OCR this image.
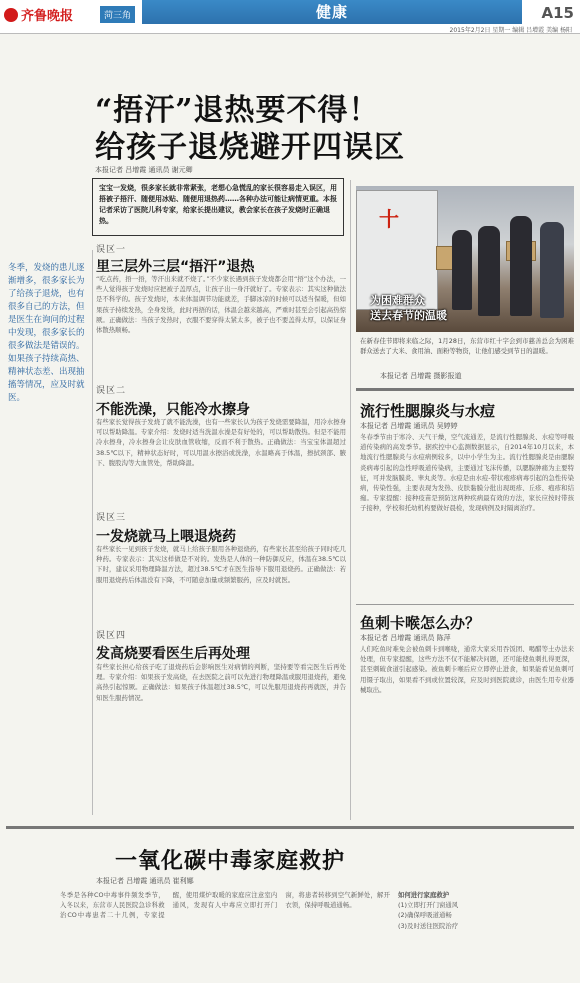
齐鲁晚报	菏三角	健康	A15
2015年2月2日 星期一 编辑 吕增霞 美编 杨阳
“捂汗”退热要不得！
给孩子退烧避开四误区
本报记者 吕增霞 通讯员 谢元卿
宝宝一发烧，很多家长就非常紧张，老想心急慌乱的家长很容易走入误区，用捂被子捂汗、随便用冰贴、随便用退热药……各种办法可能让病情更重。本报记者采访了医院儿科专家，给家长提出建议，教会家长在孩子发烧时正确退热。
冬季，发烧的患儿逐渐增多，很多家长为了给孩子退烧，也有很多自己的方法，但是医生在询问的过程中发现，很多家长的很多做法是错误的。如果孩子持续高热、精神状态差、出现抽搐等情况，应及时就医。
误区一
里三层外三层“捂汗”退热
“吃点药，捂一捂，等汗出来就不烧了。”不少家长遇到孩子发烧都会用“捂”这个办法，一些人觉得孩子发烧时应把被子盖厚点，让孩子出一身汗就好了。专家表示：其实这种做法是不科学的。孩子发烧时，本来体温调节功能就差，手脚冰凉的时候可以适当保暖，但如果孩子持续发热，全身发烫，此时再捂的话，体温会越来越高，严重时甚至会引起高热惊厥。正确做法：当孩子发热时，衣服不要穿得太紧太多，被子也不要盖得太厚，以保证身体散热顺畅。
误区二
不能洗澡，只能冷水擦身
有些家长觉得孩子发烧了就不能洗澡，也有一些家长认为孩子发烧需要降温，用冷水擦身可以帮助降温。专家介绍：发烧时适当洗温水澡是有好处的，可以帮助散热。但是不能用冷水擦身，冷水擦身会让皮肤血管收缩，反而不利于散热。正确做法：当宝宝体温超过38.5℃以下，精神状态好时，可以用温水擦浴或洗澡，水温略高于体温，擦拭颈部、腋下、腹股沟等大血管处，帮助降温。
误区三
一发烧就马上喂退烧药
有些家长一见到孩子发烧，就马上给孩子服用各种退烧药，有些家长甚至给孩子同时吃几种药。专家表示：其实这样做是不对的。发热是人体的一种防御反应，体温在38.5℃以下时，建议采用物理降温方法，超过38.5℃才在医生指导下服用退烧药。正确做法：若服用退烧药后体温没有下降，不可随意加量或频繁服药，应及时就医。
误区四
发高烧要看医生后再处理
有些家长担心给孩子吃了退烧药后会影响医生对病情的判断，坚持要等看完医生后再处理。专家介绍：如果孩子发高烧，在去医院之前可以先进行物理降温或服用退烧药，避免高热引起惊厥。正确做法：如果孩子体温超过38.5℃，可以先服用退烧药再就医，并告知医生服药情况。
十
为困难群众
送去春节的温暖
在新春佳节即将来临之际，1月28日，东营市红十字会到市慈善总会为困难群众送去了大米、食用油、面粉等物资，让他们感受到节日的温暖。
本报记者 吕增霞 摄影报道
流行性腮腺炎与水痘
本报记者 吕增霞 通讯员 吴婷婷
冬春季节由于寒冷、天气干燥，空气流通差，是流行性腮腺炎、水痘等呼吸道传染病的高发季节。据疾控中心监测数据显示，自2014年10月以来，本地流行性腮腺炎与水痘病例较多，以中小学生为主。流行性腮腺炎是由腮腺炎病毒引起的急性呼吸道传染病，主要通过飞沫传播，以腮腺肿痛为主要特征，可并发脑膜炎、睾丸炎等。水痘是由水痘-带状疱疹病毒引起的急性传染病，传染性强，主要表现为发热、皮肤黏膜分批出现斑疹、丘疹、疱疹和结痂。专家提醒：接种疫苗是预防这两种疾病最有效的方法，家长应按时带孩子接种，学校和托幼机构要做好晨检，发现病例及时隔离治疗。
鱼刺卡喉怎么办？
本报记者 吕增霞 通讯员 陈萍
人们吃鱼时难免会被鱼刺卡到喉咙，通常大家采用吞饭团、喝醋等土办法来处理，但专家提醒，这些方法不仅不能解决问题，还可能使鱼刺扎得更深，甚至刺破食道引起感染。被鱼刺卡喉后应立即停止进食，如果能看见鱼刺可用镊子取出，如果看不到或位置较深，应及时到医院就诊，由医生用专业器械取出。
一氧化碳中毒家庭救护
本报记者 吕增霞 通讯员 崔利娜
冬季是各种CO中毒事件频发季节，入冬以来，东营市人民医院急诊科救治CO中毒患者二十几例，专家提醒，使用煤炉取暖的家庭应注意室内通风，发现有人中毒应立即打开门窗，将患者转移到空气新鲜处，解开衣领，保持呼吸道通畅。
如何进行家庭救护
(1)立即打开门窗通风
(2)确保呼吸道通畅
(3)及时送往医院治疗
